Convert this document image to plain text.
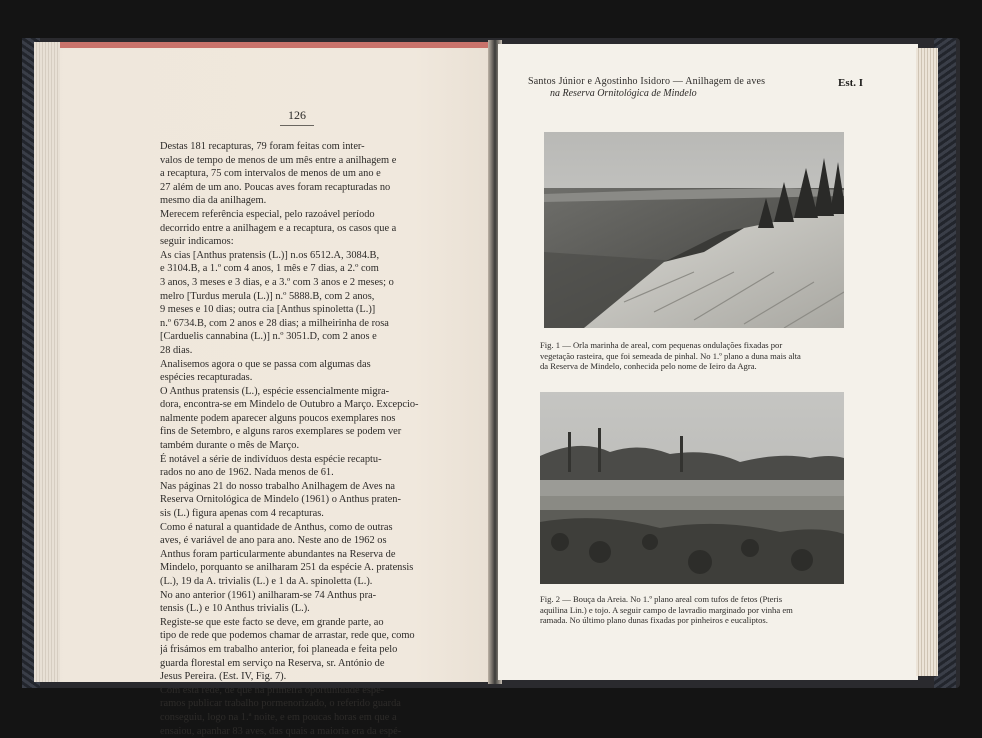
126
Destas 181 recapturas, 79 foram feitas com inter-
valos de tempo de menos de um mês entre a anilhagem e
a recaptura, 75 com intervalos de menos de um ano e
27 além de um ano. Poucas aves foram recapturadas no
mesmo dia da anilhagem.
Merecem referência especial, pelo razoável período
decorrido entre a anilhagem e a recaptura, os casos que a
seguir indicamos:
As cias [Anthus pratensis (L.)] n.os 6512.A, 3084.B,
e 3104.B, a 1.º com 4 anos, 1 mês e 7 dias, a 2.º com
3 anos, 3 meses e 3 dias, e a 3.º com 3 anos e 2 meses; o
melro [Turdus merula (L.)] n.º 5888.B, com 2 anos,
9 meses e 10 dias; outra cia [Anthus spinoletta (L.)]
n.º 6734.B, com 2 anos e 28 dias; a milheirinha de rosa
[Carduelis cannabina (L.)] n.º 3051.D, com 2 anos e
28 dias.
Analisemos agora o que se passa com algumas das
espécies recapturadas.
O Anthus pratensis (L.), espécie essencialmente migra-
dora, encontra-se em Mindelo de Outubro a Março. Excepcio-
nalmente podem aparecer alguns poucos exemplares nos
fins de Setembro, e alguns raros exemplares se podem ver
também durante o mês de Março.
É notável a série de indivíduos desta espécie recaptu-
rados no ano de 1962. Nada menos de 61.
Nas páginas 21 do nosso trabalho Anilhagem de Aves na
Reserva Ornitológica de Mindelo (1961) o Anthus praten-
sis (L.) figura apenas com 4 recapturas.
Como é natural a quantidade de Anthus, como de outras
aves, é variável de ano para ano. Neste ano de 1962 os
Anthus foram particularmente abundantes na Reserva de
Mindelo, porquanto se anilharam 251 da espécie A. pratensis
(L.), 19 da A. trivialis (L.) e 1 da A. spinoletta (L.).
No ano anterior (1961) anilharam-se 74 Anthus pra-
tensis (L.) e 10 Anthus trivialis (L.).
Registe-se que este facto se deve, em grande parte, ao
tipo de rede que podemos chamar de arrastar, rede que, como
já frisámos em trabalho anterior, foi planeada e feita pelo
guarda florestal em serviço na Reserva, sr. António de
Jesus Pereira. (Est. IV, Fig. 7).
Com esta rede, de que na primeira oportunidade espe-
ramos publicar trabalho pormenorizado, o referido guarda
conseguiu, logo na 1.ª noite, e em poucas horas em que a
ensaiou, apanhar 83 aves, das quais a maioria era da espé-
Santos Júnior e Agostinho Isidoro — Anilhagem de aves
na Reserva Ornitológica de Mindelo
Est. I
Fig. 1 — Orla marinha de areal, com pequenas ondulações fixadas por
vegetação rasteira, que foi semeada de pinhal. No 1.º plano a duna mais alta
da Reserva de Mindelo, conhecida pelo nome de Ieiro da Agra.
Fig. 2 — Bouça da Areia. No 1.º plano areal com tufos de fetos (Pteris
aquilina Lin.) e tojo. A seguir campo de lavradio marginado por vinha em
ramada. No último plano dunas fixadas por pinheiros e eucaliptos.
